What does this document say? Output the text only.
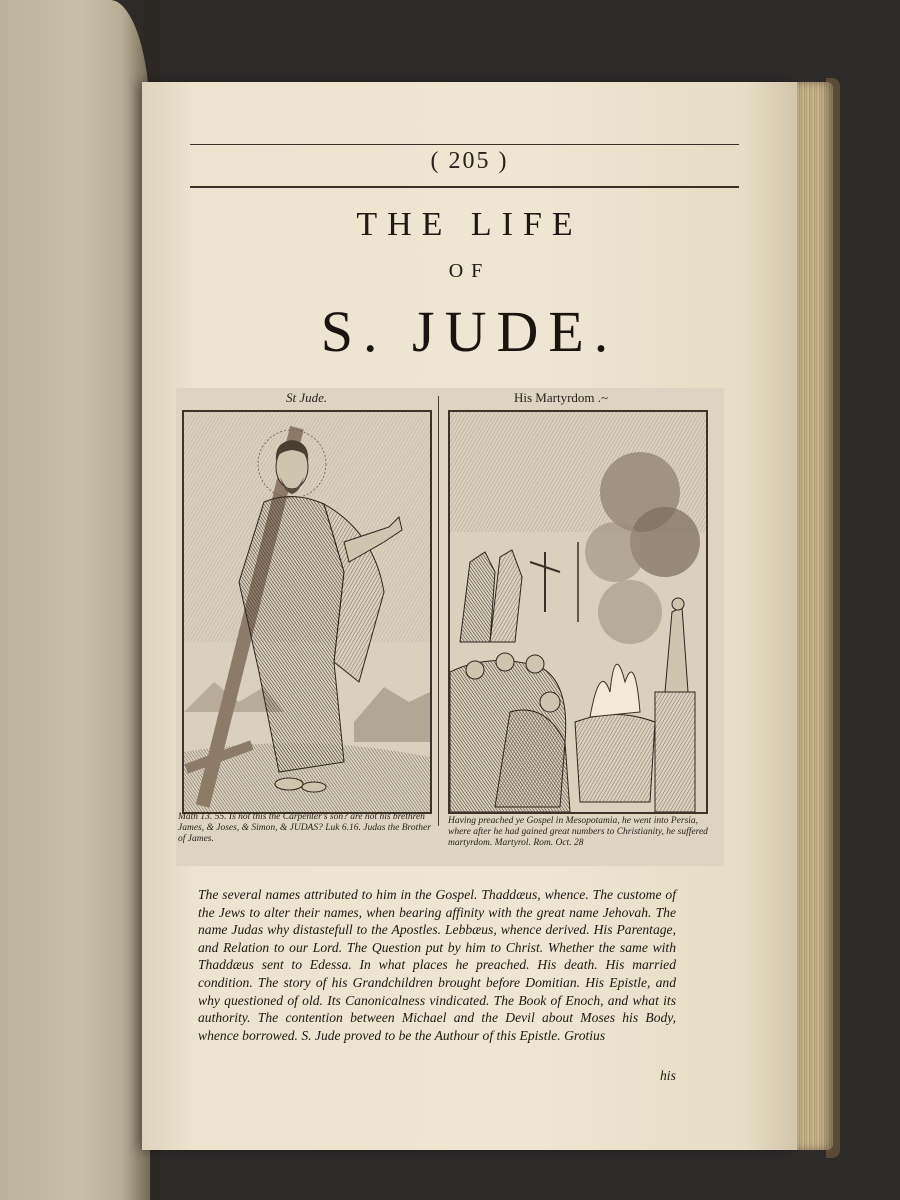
( 205 )
THE LIFE
OF
S. JUDE.
St Jude.	His Martyrdom .~
Math 13. 55. Is not this the Carpenter's son? are not his brethren James, & Joses, & Simon, & JUDAS? Luk 6.16. Judas the Brother of James.
Having preached ye Gospel in Mesopotamia, he went into Persia, where after he had gained great numbers to Christianity, he suffered martyrdom. Martyrol. Rom. Oct. 28
The several names attributed to him in the Gospel. Thaddæus, whence. The custome of the Jews to alter their names, when bearing affinity with the great name Jehovah. The name Judas why distastefull to the Apostles. Lebbæus, whence derived. His Parentage, and Relation to our Lord. The Question put by him to Christ. Whether the same with Thaddæus sent to Edessa. In what places he preached. His death. His married condition. The story of his Grandchildren brought before Domitian. His Epistle, and why questioned of old. Its Canonicalness vindicated. The Book of Enoch, and what its authority. The contention between Michael and the Devil about Moses his Body, whence borrowed. S. Jude proved to be the Authour of this Epistle. Grotius
his
